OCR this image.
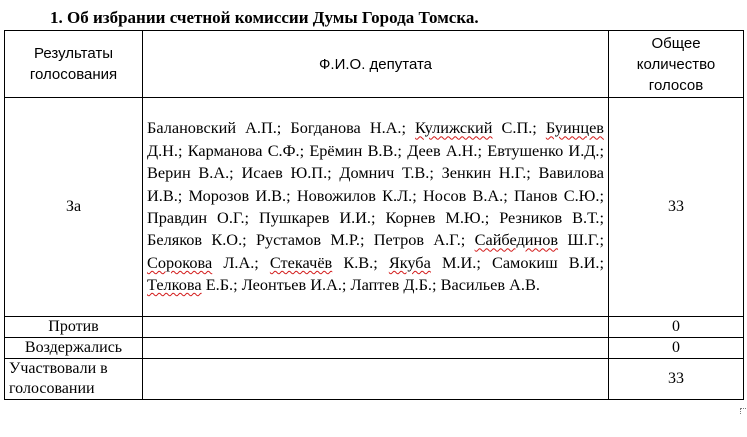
1. Об избрании счетной комиссии Думы Города Томска.
Результаты голосования	Ф.И.О. депутата	Общее количество голосов
За	Балановский А.П.; Богданова Н.А.; Кулижский С.П.; Буинцев Д.Н.; Карманова С.Ф.; Ерёмин В.В.; Деев А.Н.; Евтушенко И.Д.; Верин В.А.; Исаев Ю.П.; Домнич Т.В.; Зенкин Н.Г.; Вавилова И.В.; Морозов И.В.; Новожилов К.Л.; Носов В.А.; Панов С.Ю.; Правдин О.Г.; Пушкарев И.И.; Корнев М.Ю.; Резников В.Т.; Беляков К.О.; Рустамов М.Р.; Петров А.Г.; Сайбединов Ш.Г.; Сорокова Л.А.; Стекачёв К.В.; Якуба М.И.; Самокиш В.И.; Телкова Е.Б.; Леонтьев И.А.; Лаптев Д.Б.; Васильев А.В.	33
Против		0
Воздержались		0
Участвовали в голосовании		33
